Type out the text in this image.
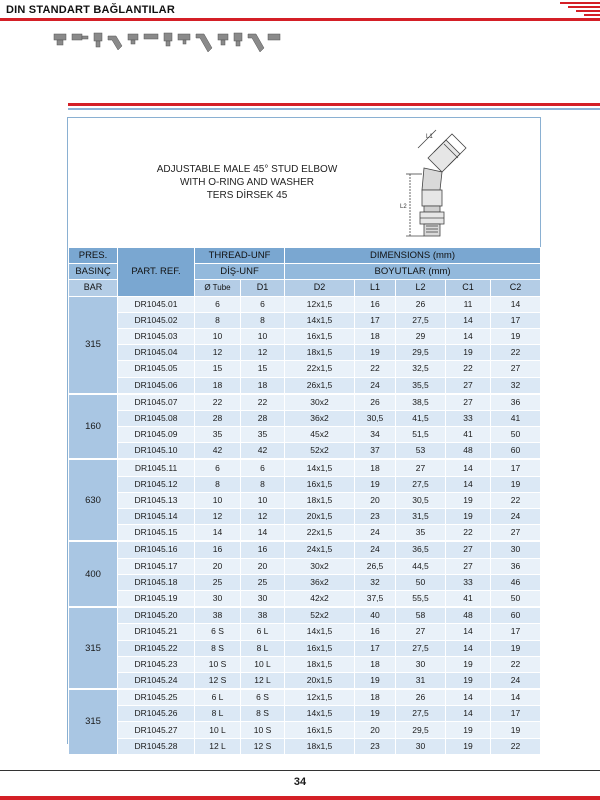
DIN STANDART BAĞLANTILAR
ADJUSTABLE MALE 45° STUD ELBOW
WITH O-RING AND WASHER
TERS DİRSEK 45
L2
L1
PRES.	PART. REF.	THREAD-UNF		DIMENSIONS (mm)				
BASINÇ		DİŞ-UNF		BOYUTLAR (mm)				
BAR		Ø Tube	D1	D2	L1	L2	C1	C2
315	DR1045.01	6	6	12x1,5	16	26	11	14
	DR1045.02	8	8	14x1,5	17	27,5	14	17
	DR1045.03	10	10	16x1,5	18	29	14	19
	DR1045.04	12	12	18x1,5	19	29,5	19	22
	DR1045.05	15	15	22x1,5	22	32,5	22	27
	DR1045.06	18	18	26x1,5	24	35,5	27	32
160	DR1045.07	22	22	30x2	26	38,5	27	36
	DR1045.08	28	28	36x2	30,5	41,5	33	41
	DR1045.09	35	35	45x2	34	51,5	41	50
	DR1045.10	42	42	52x2	37	53	48	60
630	DR1045.11	6	6	14x1,5	18	27	14	17
	DR1045.12	8	8	16x1,5	19	27,5	14	19
	DR1045.13	10	10	18x1,5	20	30,5	19	22
	DR1045.14	12	12	20x1,5	23	31,5	19	24
	DR1045.15	14	14	22x1,5	24	35	22	27
400	DR1045.16	16	16	24x1,5	24	36,5	27	30
	DR1045.17	20	20	30x2	26,5	44,5	27	36
	DR1045.18	25	25	36x2	32	50	33	46
	DR1045.19	30	30	42x2	37,5	55,5	41	50
315	DR1045.20	38	38	52x2	40	58	48	60
	DR1045.21	6 S	6 L	14x1,5	16	27	14	17
	DR1045.22	8 S	8 L	16x1,5	17	27,5	14	19
	DR1045.23	10 S	10 L	18x1,5	18	30	19	22
	DR1045.24	12 S	12 L	20x1,5	19	31	19	24
315	DR1045.25	6 L	6 S	12x1,5	18	26	14	14
	DR1045.26	8 L	8 S	14x1,5	19	27,5	14	17
	DR1045.27	10 L	10 S	16x1,5	20	29,5	19	19
	DR1045.28	12 L	12 S	18x1,5	23	30	19	22
34
